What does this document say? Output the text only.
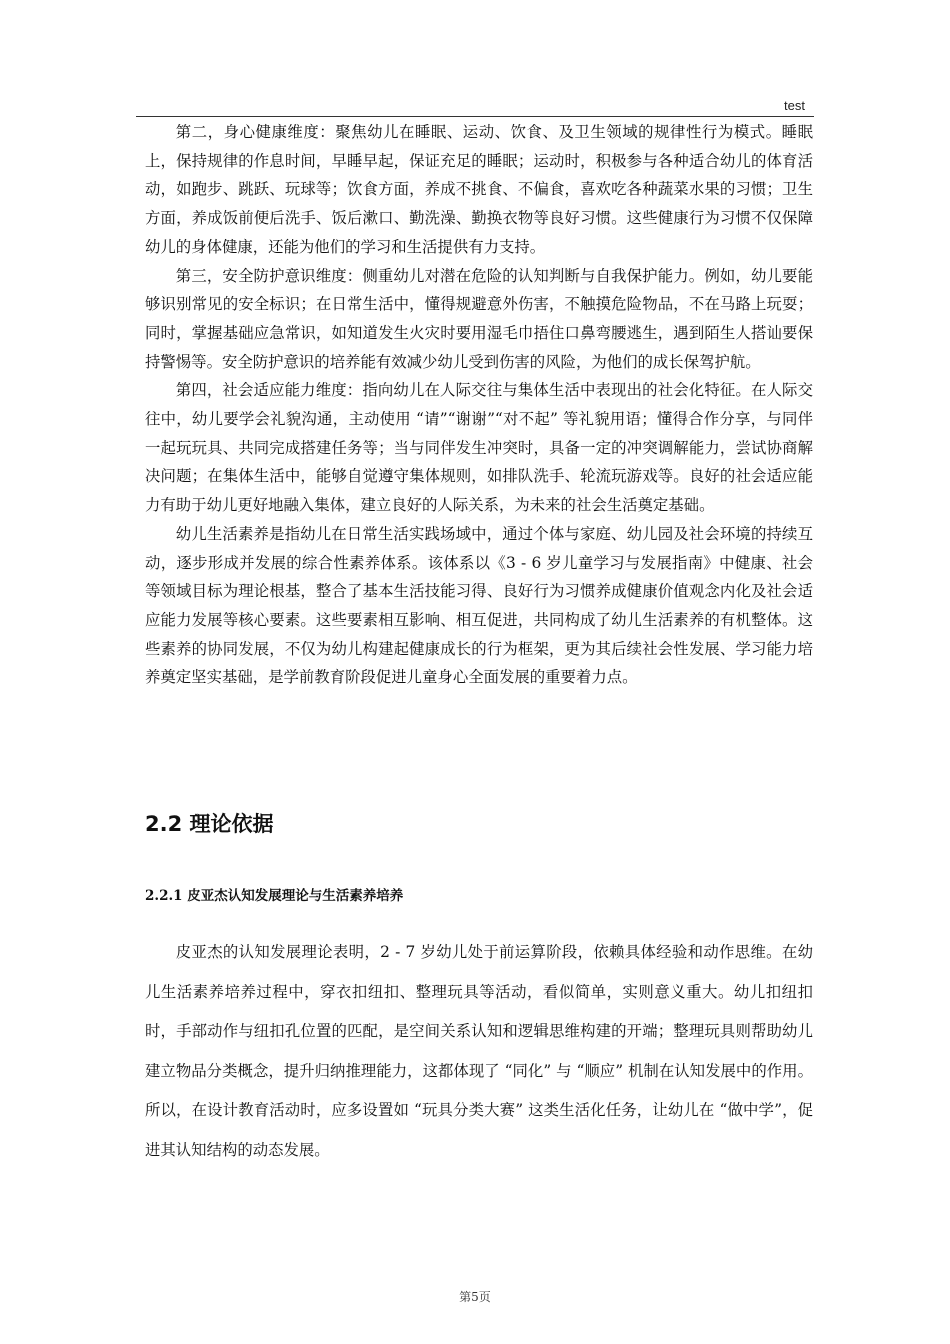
test

第二，身心健康维度：聚焦幼儿在睡眠、运动、饮食、及卫生领域的规律性行为模式。睡眠上，保持规律的作息时间，早睡早起，保证充足的睡眠；运动时，积极参与各种适合幼儿的体育活动，如跑步、跳跃、玩球等；饮食方面，养成不挑食、不偏食，喜欢吃各种蔬菜水果的习惯；卫生方面，养成饭前便后洗手、饭后漱口、勤洗澡、勤换衣物等良好习惯。这些健康行为习惯不仅保障幼儿的身体健康，还能为他们的学习和生活提供有力支持。

第三，安全防护意识维度：侧重幼儿对潜在危险的认知判断与自我保护能力。例如，幼儿要能够识别常见的安全标识；在日常生活中，懂得规避意外伤害，不触摸危险物品，不在马路上玩耍；同时，掌握基础应急常识，如知道发生火灾时要用湿毛巾捂住口鼻弯腰逃生，遇到陌生人搭讪要保持警惕等。安全防护意识的培养能有效减少幼儿受到伤害的风险，为他们的成长保驾护航。

第四，社会适应能力维度：指向幼儿在人际交往与集体生活中表现出的社会化特征。在人际交往中，幼儿要学会礼貌沟通，主动使用 “请”“谢谢”“对不起” 等礼貌用语；懂得合作分享，与同伴一起玩玩具、共同完成搭建任务等；当与同伴发生冲突时，具备一定的冲突调解能力，尝试协商解决问题；在集体生活中，能够自觉遵守集体规则，如排队洗手、轮流玩游戏等。良好的社会适应能力有助于幼儿更好地融入集体，建立良好的人际关系，为未来的社会生活奠定基础。

幼儿生活素养是指幼儿在日常生活实践场域中，通过个体与家庭、幼儿园及社会环境的持续互动，逐步形成并发展的综合性素养体系。该体系以《3 - 6 岁儿童学习与发展指南》中健康、社会等领域目标为理论根基，整合了基本生活技能习得、良好行为习惯养成健康价值观念内化及社会适应能力发展等核心要素。这些要素相互影响、相互促进，共同构成了幼儿生活素养的有机整体。这些素养的协同发展，不仅为幼儿构建起健康成长的行为框架，更为其后续社会性发展、学习能力培养奠定坚实基础，是学前教育阶段促进儿童身心全面发展的重要着力点。

2.2 理论依据
2.2.1 皮亚杰认知发展理论与生活素养培养

皮亚杰的认知发展理论表明，2 - 7 岁幼儿处于前运算阶段，依赖具体经验和动作思维。在幼儿生活素养培养过程中，穿衣扣纽扣、整理玩具等活动，看似简单，实则意义重大。幼儿扣纽扣时，手部动作与纽扣孔位置的匹配，是空间关系认知和逻辑思维构建的开端；整理玩具则帮助幼儿建立物品分类概念，提升归纳推理能力，这都体现了 “同化” 与 “顺应” 机制在认知发展中的作用。所以，在设计教育活动时，应多设置如 “玩具分类大赛” 这类生活化任务，让幼儿在 “做中学”，促进其认知结构的动态发展。

第5页
